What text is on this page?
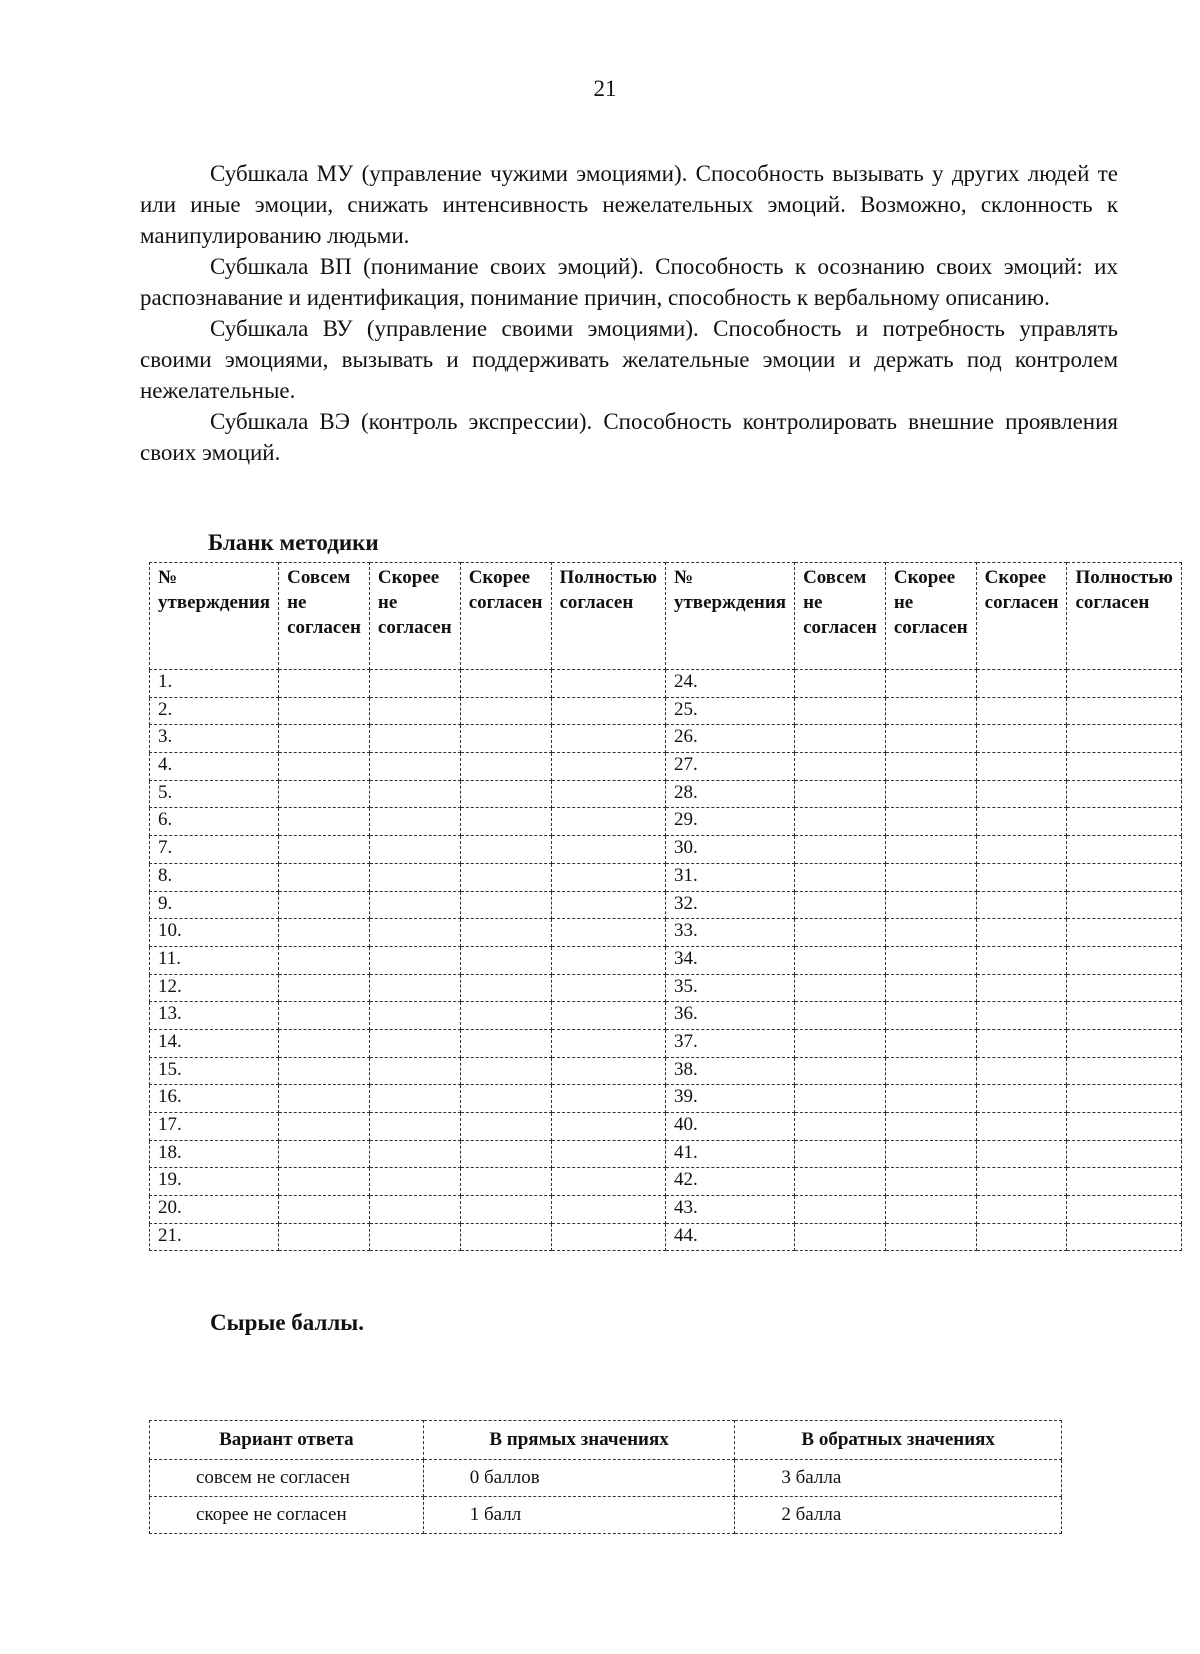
21

Субшкала МУ (управление чужими эмоциями). Способность вызывать у других людей те или иные эмоции, снижать интенсивность нежелательных эмоций. Возможно, склонность к манипулированию людьми.

Субшкала ВП (понимание своих эмоций). Способность к осознанию своих эмоций: их распознавание и идентификация, понимание причин, способность к вербальному описанию.

Субшкала ВУ (управление своими эмоциями). Способность и потребность управлять своими эмоциями, вызывать и поддерживать желательные эмоции и держать под контролем нежелательные.

Субшкала ВЭ (контроль экспрессии). Способность контролировать внешние проявления своих эмоций.

Бланк методики
№ утверждения	Совсем не согласен	Скорее не согласен	Скорее согласен	Полностью согласен	№ утверждения	Совсем не согласен	Скорее не согласен	Скорее согласен	Полностью согласен
1.					24.				
2.					25.				
3.					26.				
4.					27.				
5.					28.				
6.					29.				
7.					30.				
8.					31.				
9.					32.				
10.					33.				
11.					34.				
12.					35.				
13.					36.				
14.					37.				
15.					38.				
16.					39.				
17.					40.				
18.					41.				
19.					42.				
20.					43.				
21.					44.				
Сырые баллы.
Вариант ответа	В прямых значениях	В обратных значениях
совсем не согласен	0 баллов	3 балла
скорее не согласен	1 балл	2 балла
